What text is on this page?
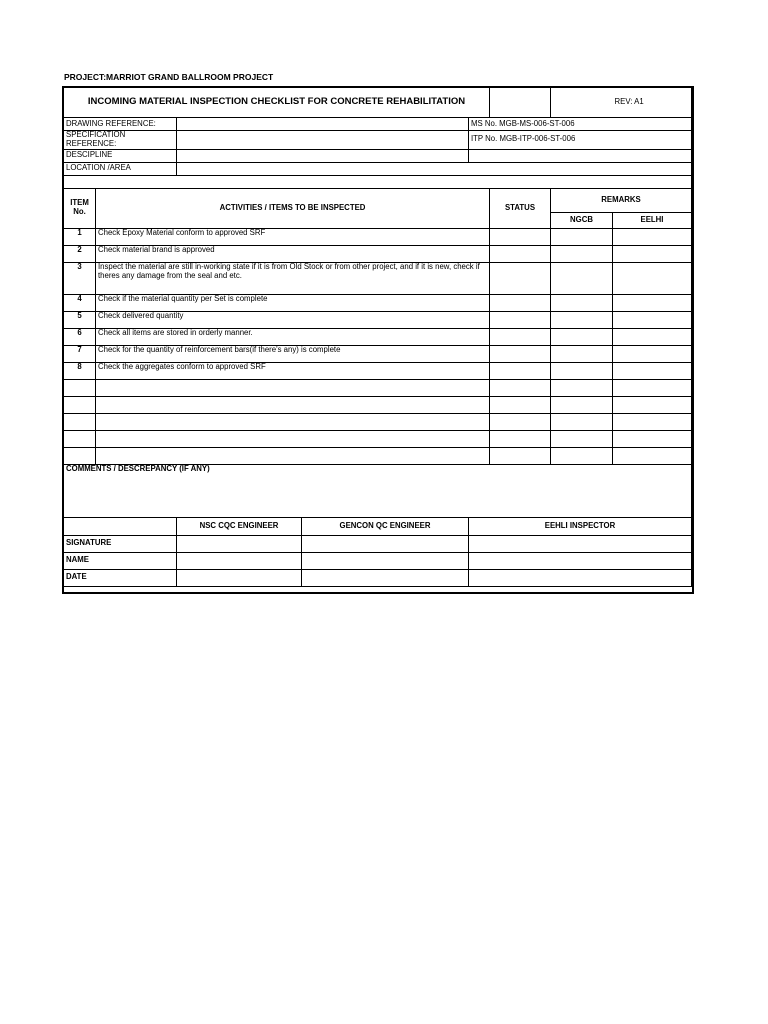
PROJECT:MARRIOT GRAND BALLROOM PROJECT
INCOMING MATERIAL INSPECTION CHECKLIST FOR CONCRETE REHABILITATION							REV: A1
DRAWING REFERENCE:				MS No. MGB-MS-006-ST-006			
SPECIFICATION REFERENCE:				ITP No. MGB-ITP-006-ST-006			
DESCIPLINE							
LOCATION /AREA							

ITEM No.	ACTIVITIES / ITEMS TO BE INSPECTED				STATUS	REMARKS	
						NGCB	EELHI
1	Check Epoxy Material conform to approved SRF						
2	Check material brand is approved						
3	Inspect the material are still in-working state if it is from Old Stock or from other project, and if it is new, check if theres any damage from the seal and etc.						
4	Check if the material quantity per Set is complete						
5	Check delivered quantity						
6	Check all items are stored in orderly manner.						
7	Check for the quantity of reinforcement bars(if there's any) is complete						
8	Check the aggregates conform to approved SRF						

COMMENTS / DESCREPANCY (IF ANY)							
		NSC CQC ENGINEER	GENCON QC ENGINEER	EEHLI INSPECTOR			
SIGNATURE							
NAME							
DATE							
